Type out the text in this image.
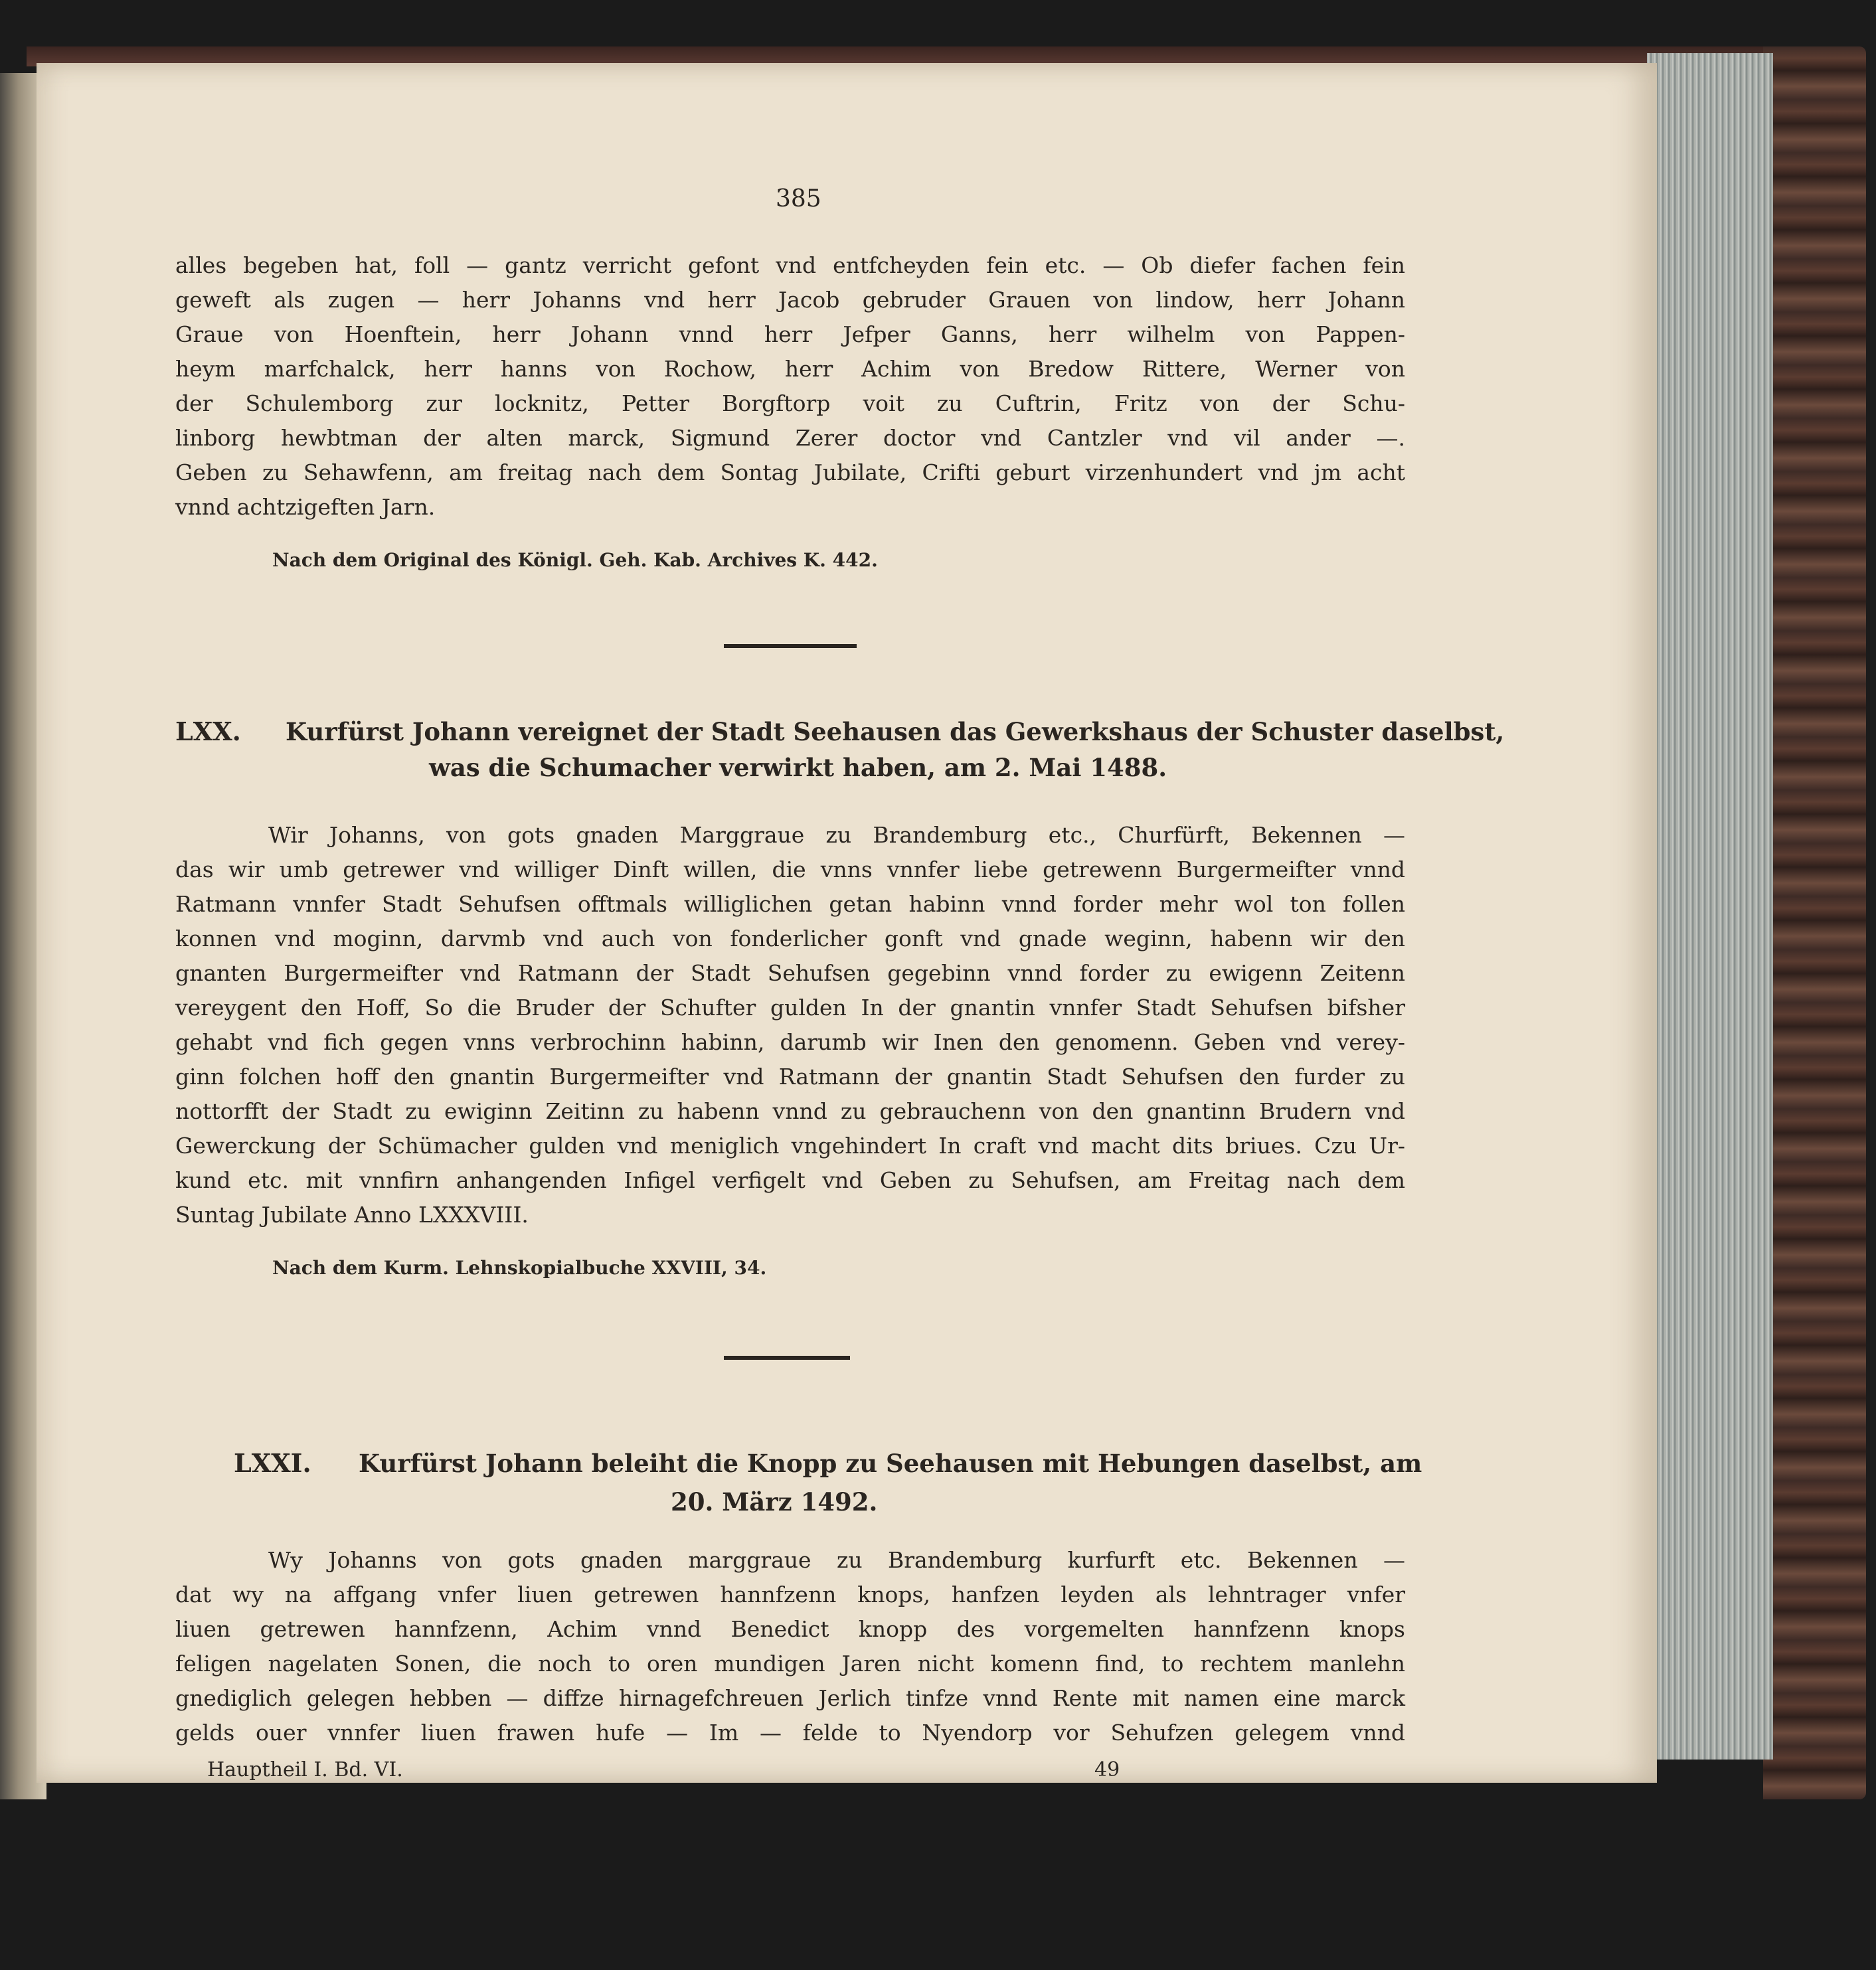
385

alles begeben hat, foll — gantz verricht gefont vnd entfcheyden fein etc. — Ob diefer fachen fein

geweft als zugen — herr Johanns vnd herr Jacob gebruder Grauen von lindow, herr Johann

Graue von Hoenftein, herr Johann vnnd herr Jefper Ganns, herr wilhelm von Pappen-

heym marfchalck, herr hanns von Rochow, herr Achim von Bredow Rittere, Werner von

der Schulemborg zur locknitz, Petter Borgftorp voit zu Cuftrin, Fritz von der Schu-

linborg hewbtman der alten marck, Sigmund Zerer doctor vnd Cantzler vnd vil ander —.

Geben zu Sehawfenn, am freitag nach dem Sontag Jubilate, Crifti geburt virzenhundert vnd jm acht

vnnd achtzigeften Jarn.

Nach dem Original des Königl. Geh. Kab. Archives K. 442.

LXX. Kurfürst Johann vereignet der Stadt Seehausen das Gewerkshaus der Schuster daselbst,

was die Schumacher verwirkt haben, am 2. Mai 1488.

Wir Johanns, von gots gnaden Marggraue zu Brandemburg etc., Churfürft, Bekennen —

das wir umb getrewer vnd williger Dinft willen, die vnns vnnfer liebe getrewenn Burgermeifter vnnd

Ratmann vnnfer Stadt Sehufsen offtmals williglichen getan habinn vnnd forder mehr wol ton follen

konnen vnd moginn, darvmb vnd auch von fonderlicher gonft vnd gnade weginn, habenn wir den

gnanten Burgermeifter vnd Ratmann der Stadt Sehufsen gegebinn vnnd forder zu ewigenn Zeitenn

vereygent den Hoff, So die Bruder der Schufter gulden In der gnantin vnnfer Stadt Sehufsen bifsher

gehabt vnd fich gegen vnns verbrochinn habinn, darumb wir Inen den genomenn. Geben vnd verey-

ginn folchen hoff den gnantin Burgermeifter vnd Ratmann der gnantin Stadt Sehufsen den furder zu

nottorfft der Stadt zu ewiginn Zeitinn zu habenn vnnd zu gebrauchenn von den gnantinn Brudern vnd

Gewerckung der Schümacher gulden vnd meniglich vngehindert In craft vnd macht dits briues. Czu Ur-

kund etc. mit vnnfirn anhangenden Infigel verfigelt vnd Geben zu Sehufsen, am Freitag nach dem

Suntag Jubilate Anno LXXXVIII.

Nach dem Kurm. Lehnskopialbuche XXVIII, 34.

LXXI. Kurfürst Johann beleiht die Knopp zu Seehausen mit Hebungen daselbst, am

20. März 1492.

Wy Johanns von gots gnaden marggraue zu Brandemburg kurfurft etc. Bekennen —

dat wy na affgang vnfer liuen getrewen hannfzenn knops, hanfzen leyden als lehntrager vnfer

liuen getrewen hannfzenn, Achim vnnd Benedict knopp des vorgemelten hannfzenn knops

feligen nagelaten Sonen, die noch to oren mundigen Jaren nicht komenn find, to rechtem manlehn

gnediglich gelegen hebben — diffze hirnagefchreuen Jerlich tinfze vnnd Rente mit namen eine marck

gelds ouer vnnfer liuen frawen hufe — Im — felde to Nyendorp vor Sehufzen gelegem vnnd

Hauptheil I. Bd. VI.	49
